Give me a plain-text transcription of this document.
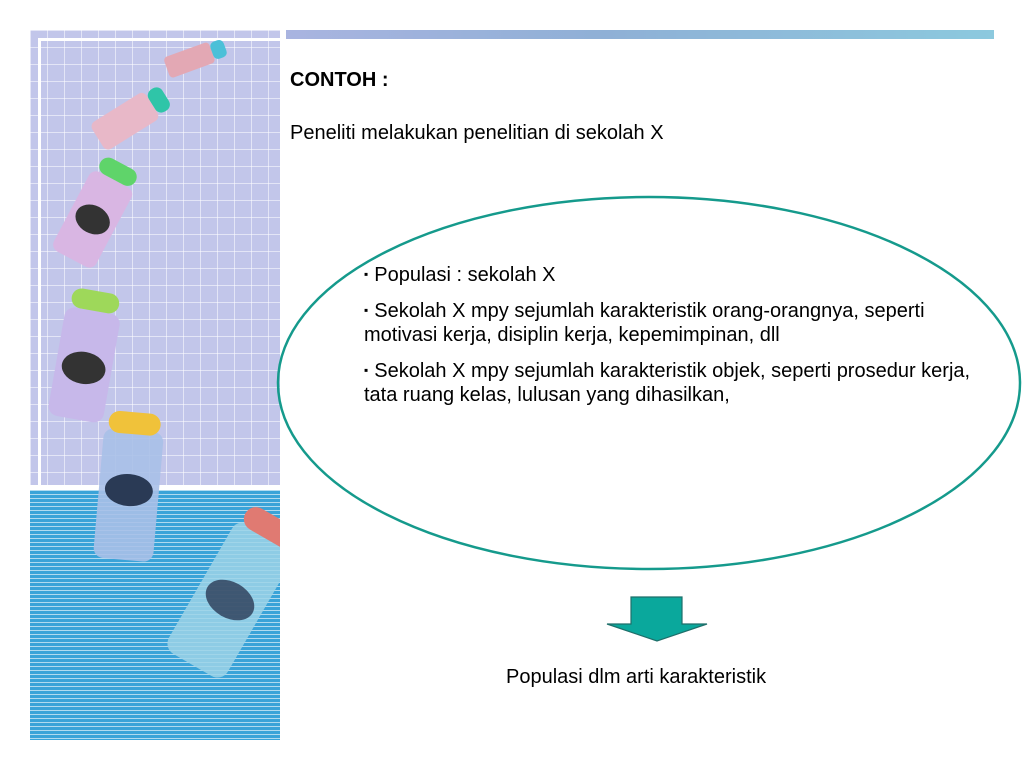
CONTOH :
Peneliti melakukan penelitian di sekolah X
▪ Populasi : sekolah X
▪ Sekolah X mpy sejumlah karakteristik orang-orangnya, seperti motivasi kerja, disiplin kerja, kepemimpinan, dll
▪ Sekolah X mpy sejumlah karakteristik objek, seperti prosedur kerja, tata ruang kelas, lulusan yang dihasilkan,
Populasi dlm arti karakteristik
